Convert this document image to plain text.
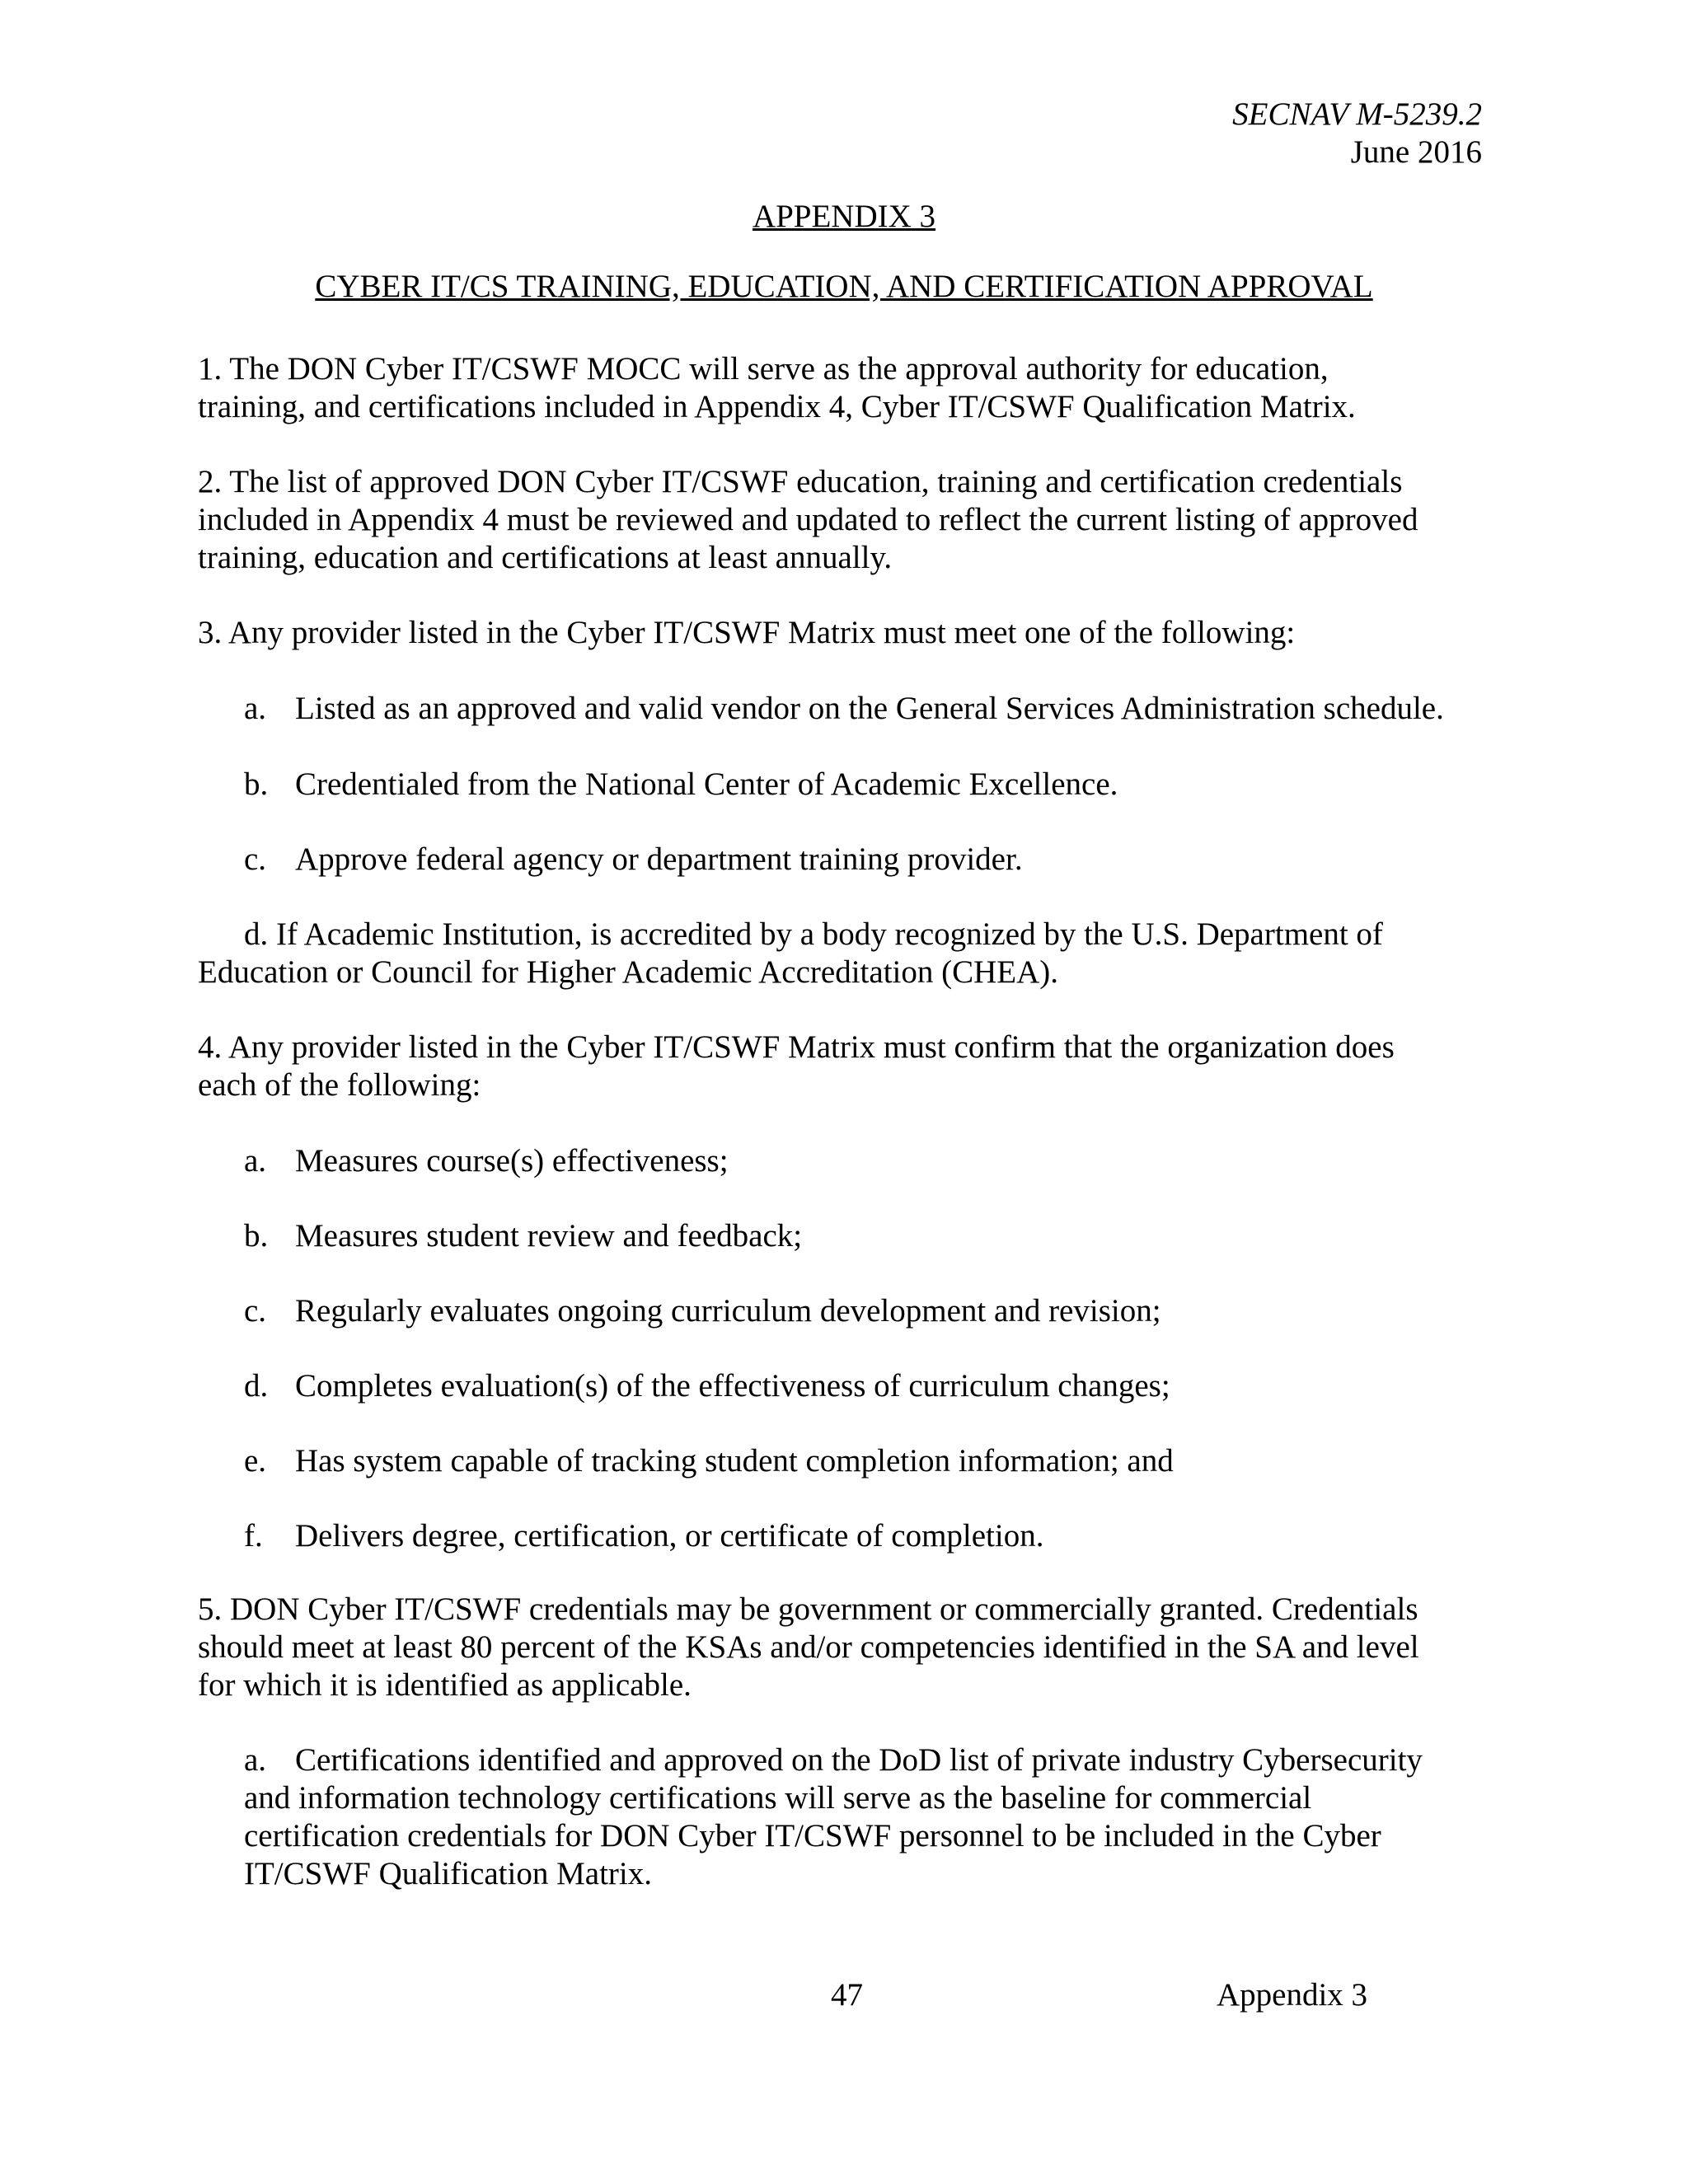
SECNAV M-5239.2
June 2016
APPENDIX 3
CYBER IT/CS TRAINING, EDUCATION, AND CERTIFICATION APPROVAL

1. The DON Cyber IT/CSWF MOCC will serve as the approval authority for education,

training, and certifications included in Appendix 4, Cyber IT/CSWF Qualification Matrix.

2. The list of approved DON Cyber IT/CSWF education, training and certification credentials

included in Appendix 4 must be reviewed and updated to reflect the current listing of approved

training, education and certifications at least annually.

3. Any provider listed in the Cyber IT/CSWF Matrix must meet one of the following:

a. Listed as an approved and valid vendor on the General Services Administration schedule.
b. Credentialed from the National Center of Academic Excellence.
c. Approve federal agency or department training provider.
d. If Academic Institution, is accredited by a body recognized by the U.S. Department of
Education or Council for Higher Academic Accreditation (CHEA).

4. Any provider listed in the Cyber IT/CSWF Matrix must confirm that the organization does

each of the following:

a. Measures course(s) effectiveness;
b. Measures student review and feedback;
c. Regularly evaluates ongoing curriculum development and revision;
d. Completes evaluation(s) of the effectiveness of curriculum changes;
e. Has system capable of tracking student completion information; and
f. Delivers degree, certification, or certificate of completion.

5. DON Cyber IT/CSWF credentials may be government or commercially granted. Credentials

should meet at least 80 percent of the KSAs and/or competencies identified in the SA and level

for which it is identified as applicable.

a. Certifications identified and approved on the DoD list of private industry Cybersecurity
and information technology certifications will serve as the baseline for commercial
certification credentials for DON Cyber IT/CSWF personnel to be included in the Cyber
IT/CSWF Qualification Matrix.
47	Appendix 3
